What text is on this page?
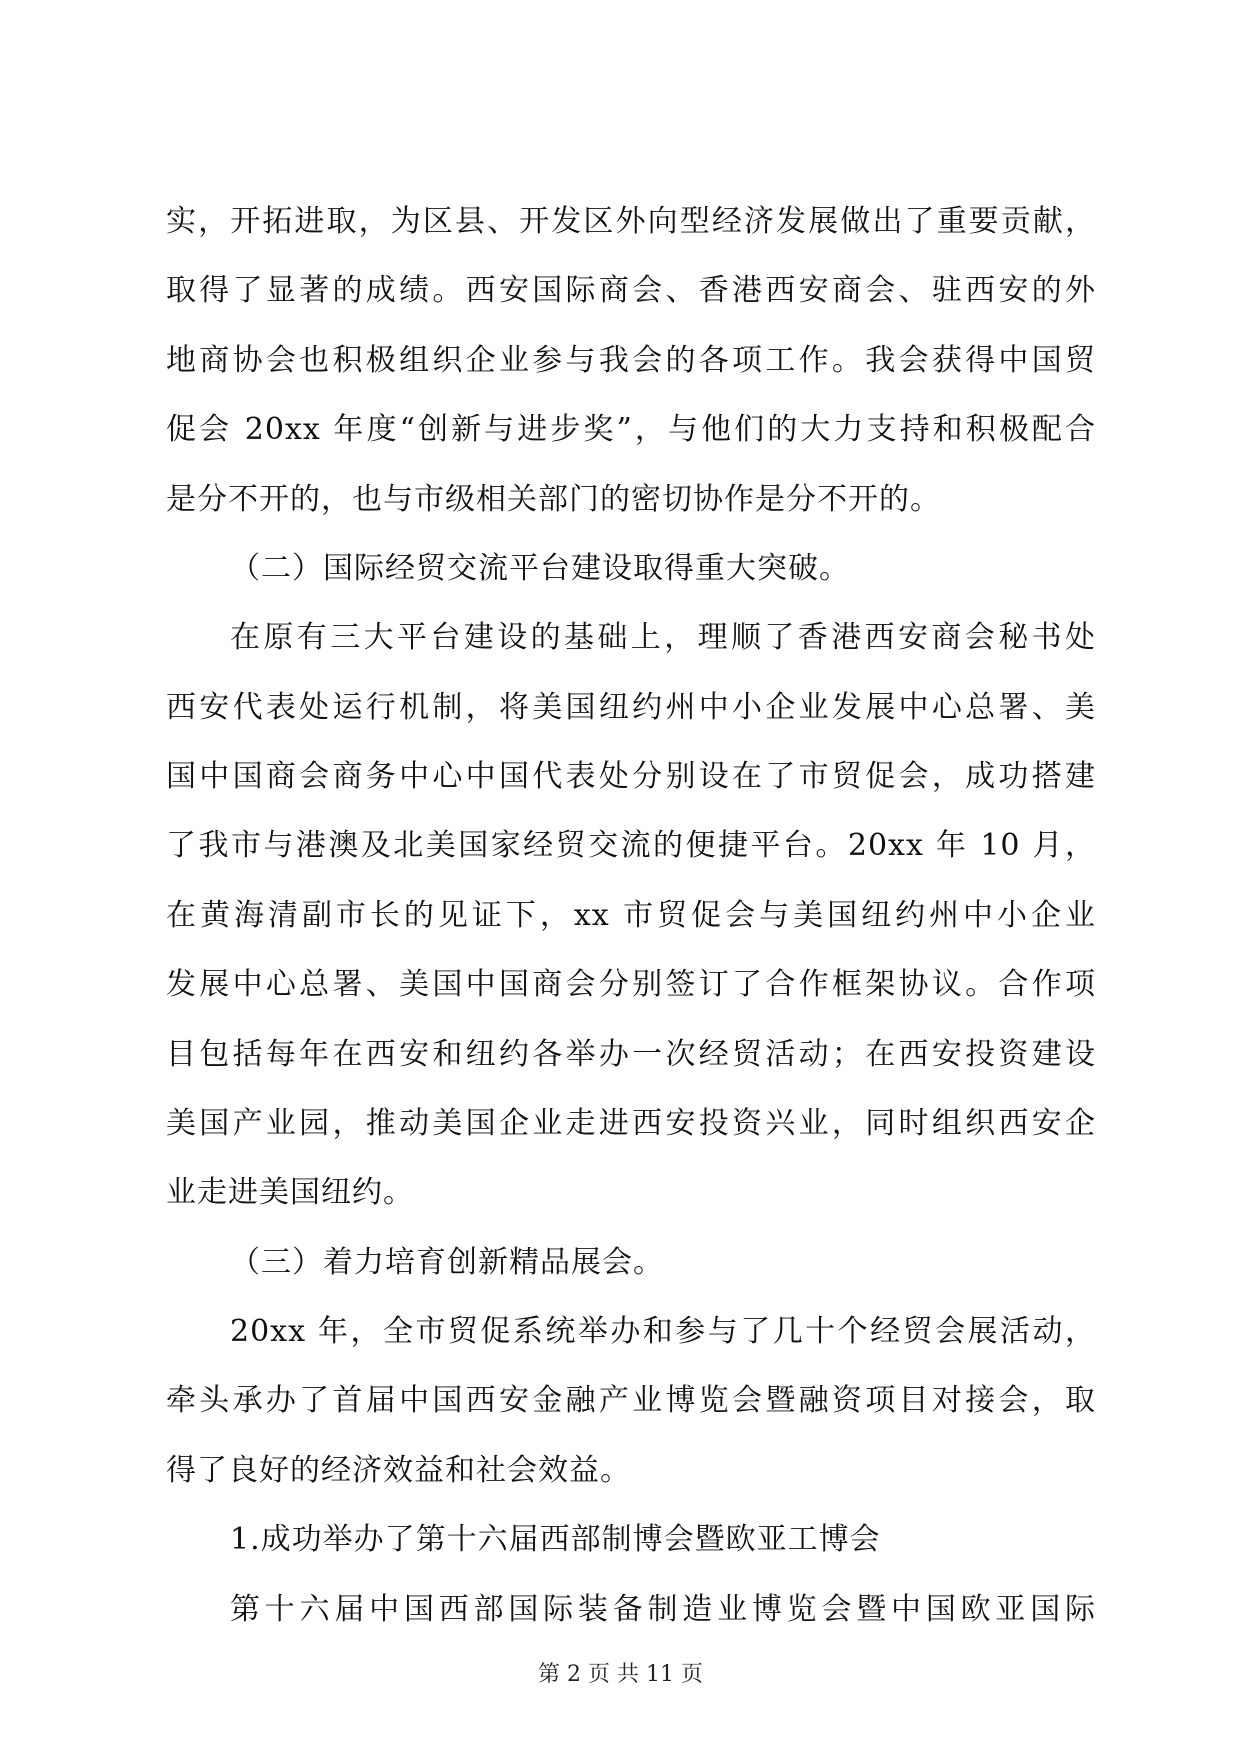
实，开拓进取，为区县、开发区外向型经济发展做出了重要贡献，
取得了显著的成绩。西安国际商会、香港西安商会、驻西安的外
地商协会也积极组织企业参与我会的各项工作。我会获得中国贸
促会 20xx 年度“创新与进步奖”，与他们的大力支持和积极配合
是分不开的，也与市级相关部门的密切协作是分不开的。
（二）国际经贸交流平台建设取得重大突破。
在原有三大平台建设的基础上，理顺了香港西安商会秘书处
西安代表处运行机制，将美国纽约州中小企业发展中心总署、美
国中国商会商务中心中国代表处分别设在了市贸促会，成功搭建
了我市与港澳及北美国家经贸交流的便捷平台。20xx 年 10 月，
在黄海清副市长的见证下，xx 市贸促会与美国纽约州中小企业
发展中心总署、美国中国商会分别签订了合作框架协议。合作项
目包括每年在西安和纽约各举办一次经贸活动；在西安投资建设
美国产业园，推动美国企业走进西安投资兴业，同时组织西安企
业走进美国纽约。
（三）着力培育创新精品展会。
20xx 年，全市贸促系统举办和参与了几十个经贸会展活动，
牵头承办了首届中国西安金融产业博览会暨融资项目对接会，取
得了良好的经济效益和社会效益。
1.成功举办了第十六届西部制博会暨欧亚工博会
第十六届中国西部国际装备制造业博览会暨中国欧亚国际
第 2 页 共 11 页
